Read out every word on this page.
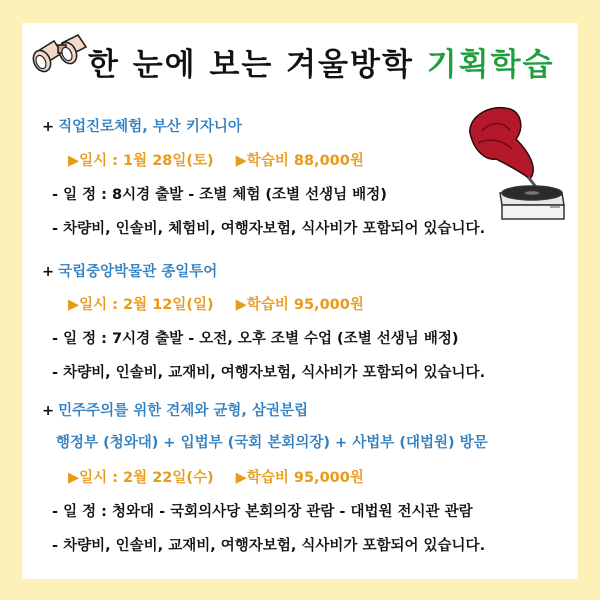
한 눈에 보는 겨울방학 기획학습
+ 직업진로체험, 부산 키자니아
▶일시 : 1월 28일(토) ▶학습비 88,000원
- 일 정 : 8시경 출발 - 조별 체험 (조별 선생님 배정)
- 차량비, 인솔비, 체험비, 여행자보험, 식사비가 포함되어 있습니다.
+ 국립중앙박물관 종일투어
▶일시 : 2월 12일(일) ▶학습비 95,000원
- 일 정 : 7시경 출발 - 오전, 오후 조별 수업 (조별 선생님 배정)
- 차량비, 인솔비, 교재비, 여행자보험, 식사비가 포함되어 있습니다.
+ 민주주의를 위한 견제와 균형, 삼권분립
행정부 (청와대) + 입법부 (국회 본회의장) + 사법부 (대법원) 방문
▶일시 : 2월 22일(수) ▶학습비 95,000원
- 일 정 : 청와대 - 국회의사당 본회의장 관람 - 대법원 전시관 관람
- 차량비, 인솔비, 교재비, 여행자보험, 식사비가 포함되어 있습니다.
